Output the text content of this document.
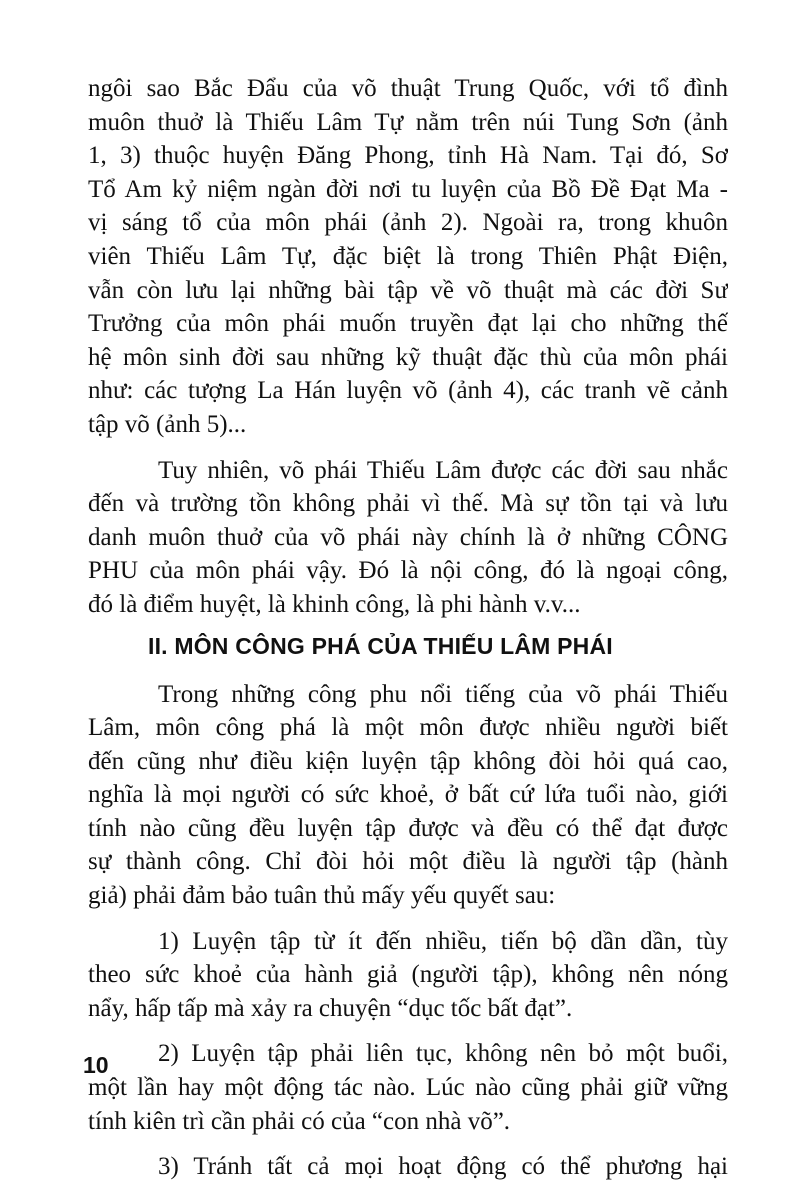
ngôi sao Bắc Đẩu của võ thuật Trung Quốc, với tổ đình
muôn thuở là Thiếu Lâm Tự nằm trên núi Tung Sơn (ảnh
1, 3) thuộc huyện Đăng Phong, tỉnh Hà Nam. Tại đó, Sơ
Tổ Am kỷ niệm ngàn đời nơi tu luyện của Bồ Đề Đạt Ma -
vị sáng tổ của môn phái (ảnh 2). Ngoài ra, trong khuôn
viên Thiếu Lâm Tự, đặc biệt là trong Thiên Phật Điện,
vẫn còn lưu lại những bài tập về võ thuật mà các đời Sư
Trưởng của môn phái muốn truyền đạt lại cho những thế
hệ môn sinh đời sau những kỹ thuật đặc thù của môn phái
như: các tượng La Hán luyện võ (ảnh 4), các tranh vẽ cảnh
tập võ (ảnh 5)...
Tuy nhiên, võ phái Thiếu Lâm được các đời sau nhắc
đến và trường tồn không phải vì thế. Mà sự tồn tại và lưu
danh muôn thuở của võ phái này chính là ở những CÔNG
PHU của môn phái vậy. Đó là nội công, đó là ngoại công,
đó là điểm huyệt, là khinh công, là phi hành v.v...
II. MÔN CÔNG PHÁ CỦA THIẾU LÂM PHÁI
Trong những công phu nổi tiếng của võ phái Thiếu
Lâm, môn công phá là một môn được nhiều người biết
đến cũng như điều kiện luyện tập không đòi hỏi quá cao,
nghĩa là mọi người có sức khoẻ, ở bất cứ lứa tuổi nào, giới
tính nào cũng đều luyện tập được và đều có thể đạt được
sự thành công. Chỉ đòi hỏi một điều là người tập (hành
giả) phải đảm bảo tuân thủ mấy yếu quyết sau:
1) Luyện tập từ ít đến nhiều, tiến bộ dần dần, tùy
theo sức khoẻ của hành giả (người tập), không nên nóng
nẩy, hấp tấp mà xảy ra chuyện “dục tốc bất đạt”.
2) Luyện tập phải liên tục, không nên bỏ một buổi,
một lần hay một động tác nào. Lúc nào cũng phải giữ vững
tính kiên trì cần phải có của “con nhà võ”.
3) Tránh tất cả mọi hoạt động có thể phương hại
10
